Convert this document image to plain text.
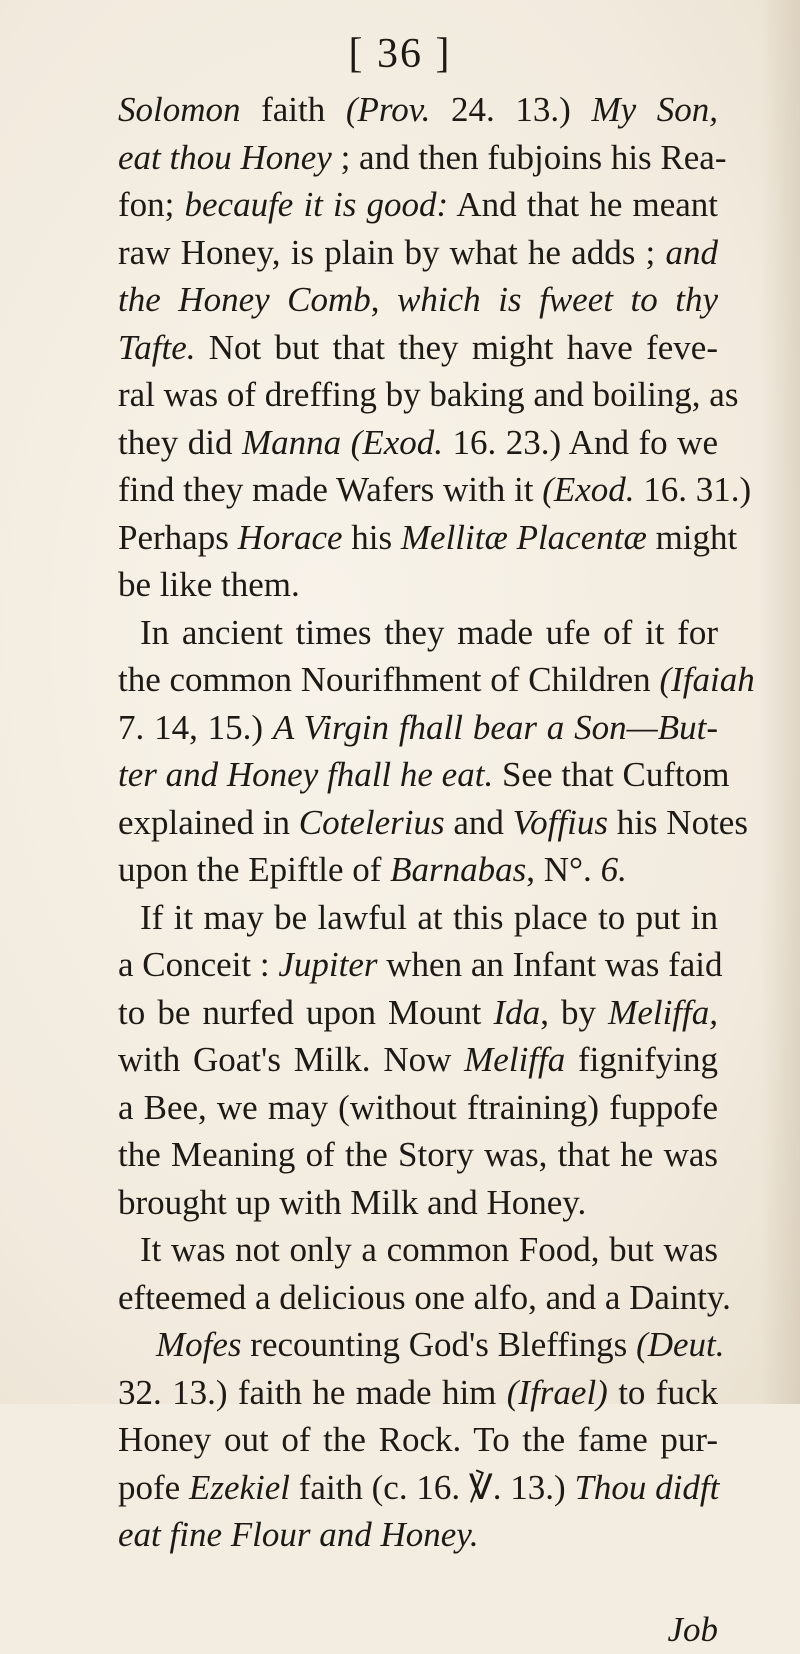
[ 36 ]
Solomon faith (Prov. 24. 13.) My Son,
eat thou Honey ; and then fubjoins his Rea-
fon; becaufe it is good: And that he meant
raw Honey, is plain by what he adds ; and
the Honey Comb, which is fweet to thy
Tafte. Not but that they might have feve-
ral was of dreffing by baking and boiling, as
they did Manna (Exod. 16. 23.) And fo we
find they made Wafers with it (Exod. 16. 31.)
Perhaps Horace his Mellitæ Placentæ might
be like them.
In ancient times they made ufe of it for
the common Nourifhment of Children (Ifaiah
7. 14, 15.) A Virgin fhall bear a Son—But-
ter and Honey fhall he eat. See that Cuftom
explained in Cotelerius and Voffius his Notes
upon the Epiftle of Barnabas, N°. 6.
If it may be lawful at this place to put in
a Conceit : Jupiter when an Infant was faid
to be nurfed upon Mount Ida, by Meliffa,
with Goat's Milk. Now Meliffa fignifying
a Bee, we may (without ftraining) fuppofe
the Meaning of the Story was, that he was
brought up with Milk and Honey.
It was not only a common Food, but was
efteemed a delicious one alfo, and a Dainty.
Mofes recounting God's Bleffings (Deut.
32. 13.) faith he made him (Ifrael) to fuck
Honey out of the Rock. To the fame pur-
pofe Ezekiel faith (c. 16. ℣. 13.) Thou didft
eat fine Flour and Honey.
Job
